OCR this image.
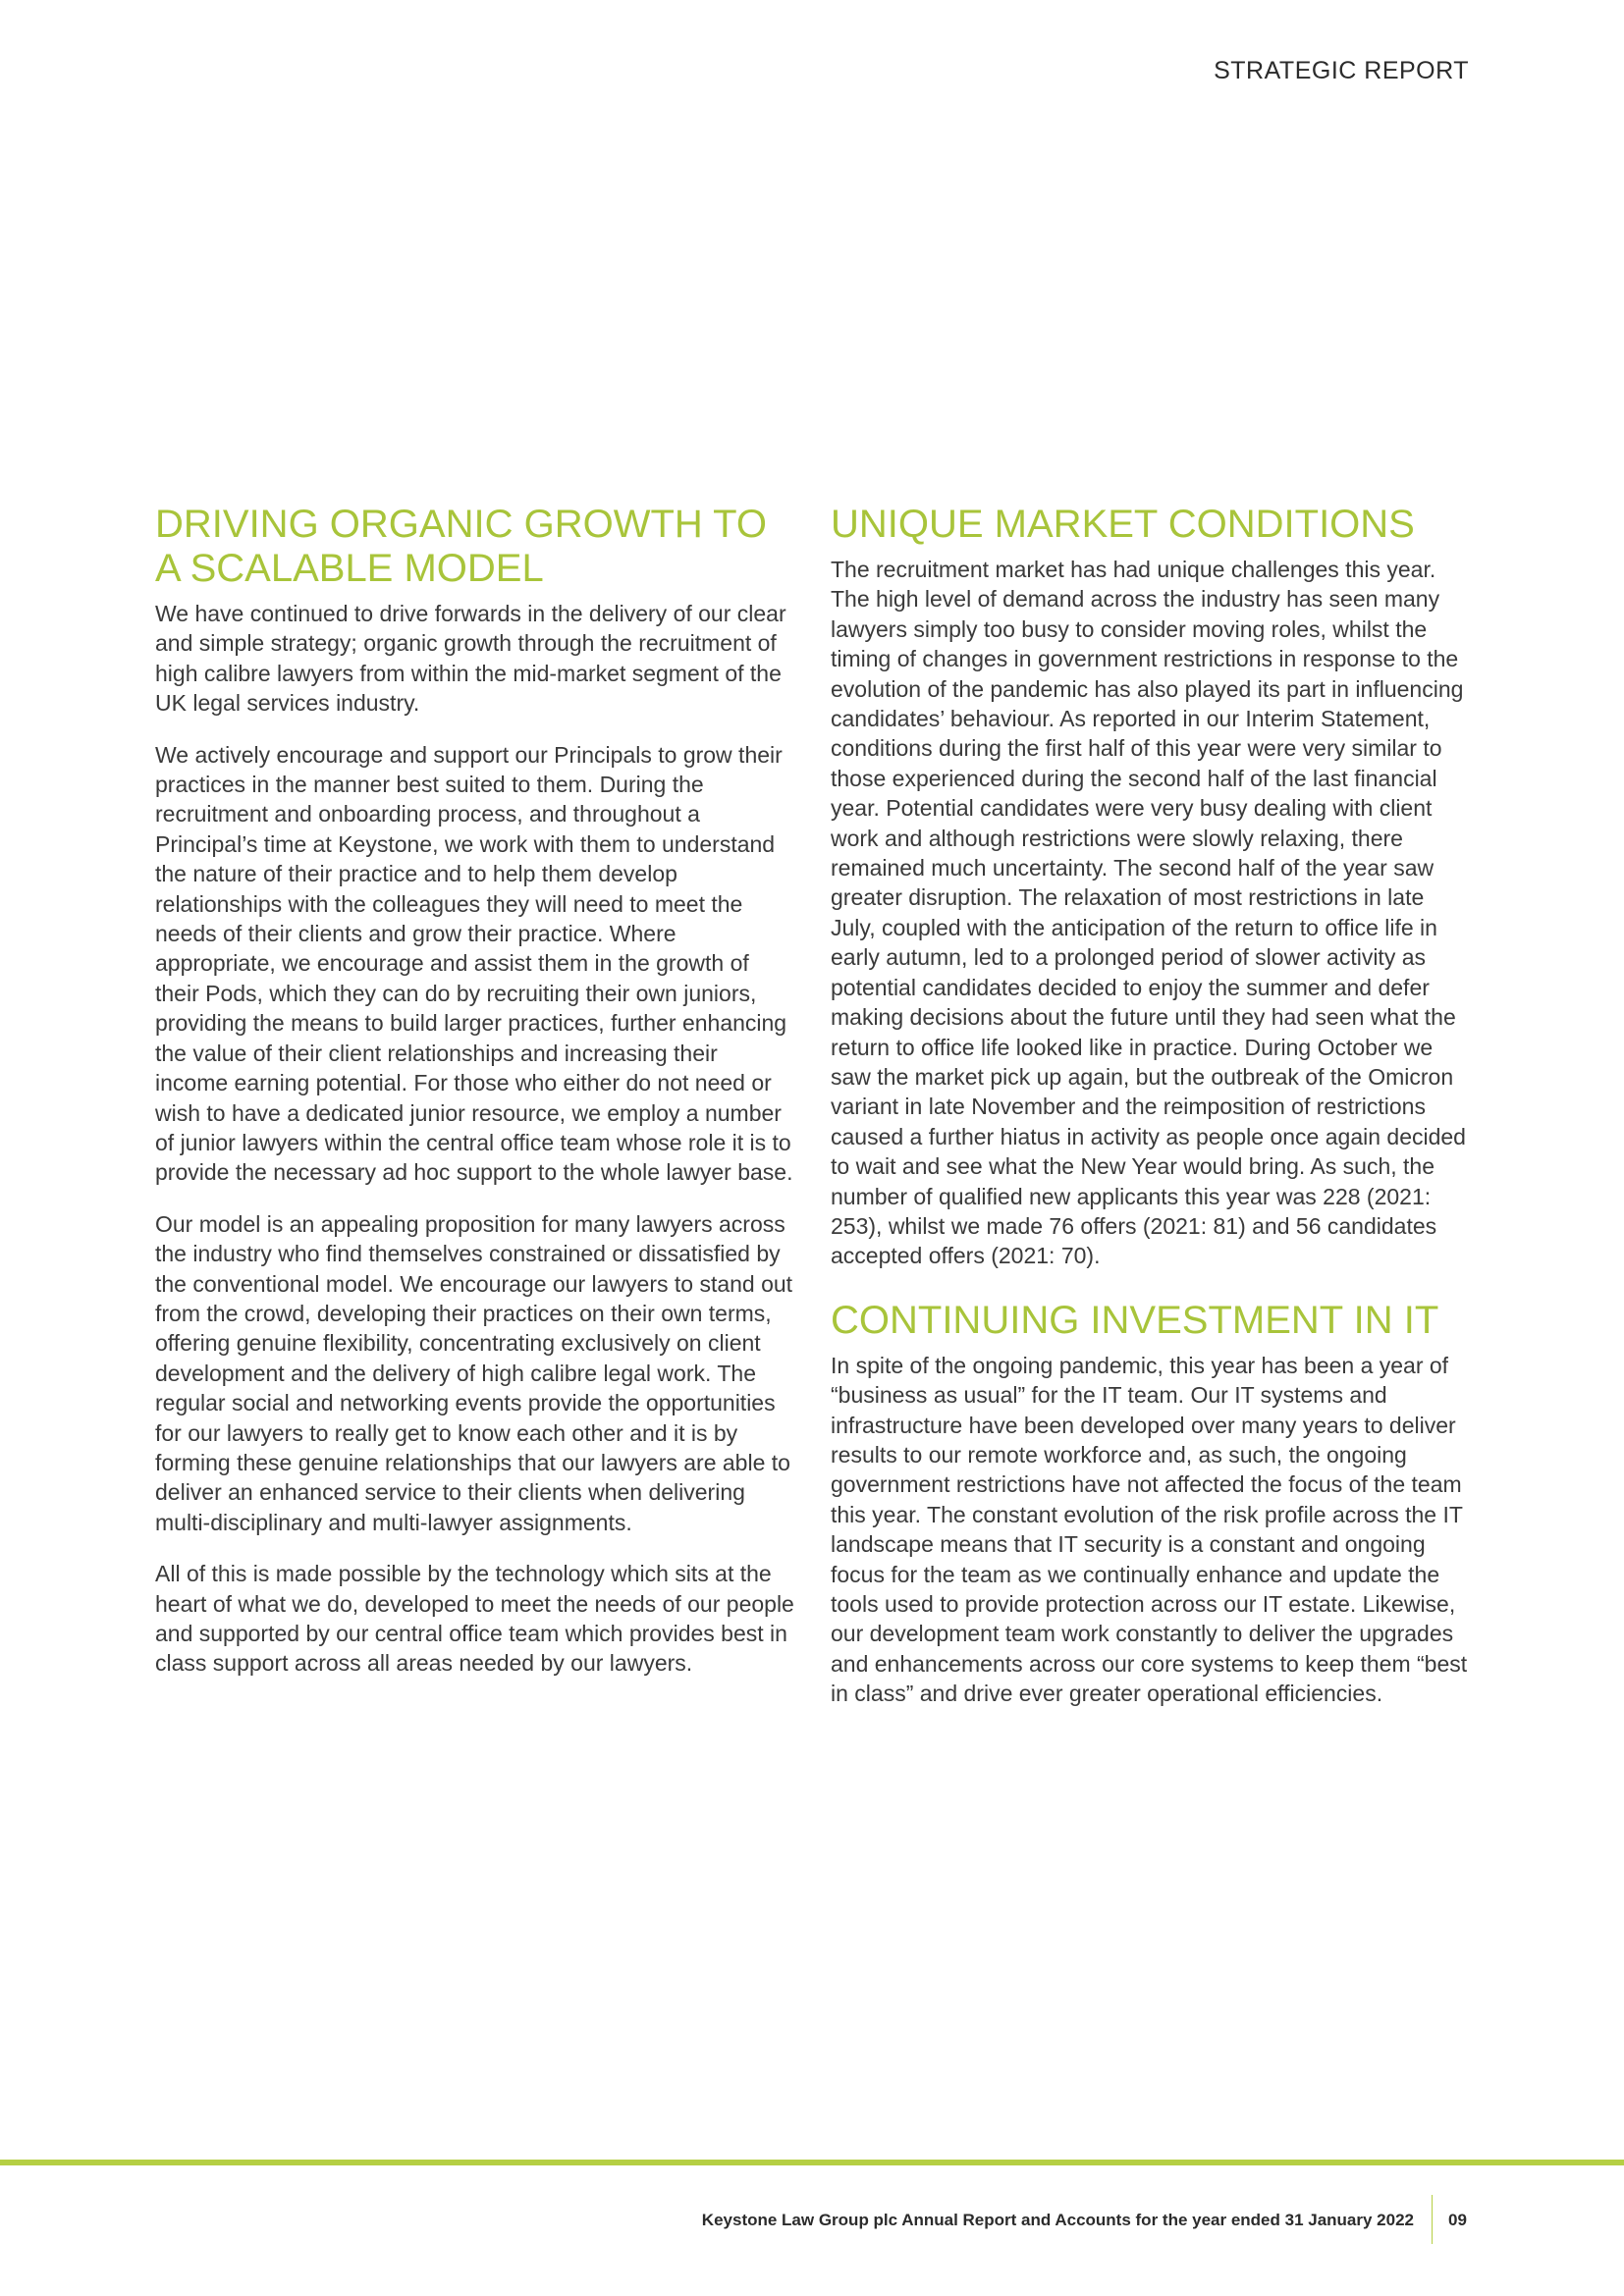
STRATEGIC REPORT
DRIVING ORGANIC GROWTH TO A SCALABLE MODEL

We have continued to drive forwards in the delivery of our clear and simple strategy; organic growth through the recruitment of high calibre lawyers from within the mid-market segment of the UK legal services industry.

We actively encourage and support our Principals to grow their practices in the manner best suited to them. During the recruitment and onboarding process, and throughout a Principal’s time at Keystone, we work with them to understand the nature of their practice and to help them develop relationships with the colleagues they will need to meet the needs of their clients and grow their practice. Where appropriate, we encourage and assist them in the growth of their Pods, which they can do by recruiting their own juniors, providing the means to build larger practices, further enhancing the value of their client relationships and increasing their income earning potential. For those who either do not need or wish to have a dedicated junior resource, we employ a number of junior lawyers within the central office team whose role it is to provide the necessary ad hoc support to the whole lawyer base.

Our model is an appealing proposition for many lawyers across the industry who find themselves constrained or dissatisfied by the conventional model. We encourage our lawyers to stand out from the crowd, developing their practices on their own terms, offering genuine flexibility, concentrating exclusively on client development and the delivery of high calibre legal work. The regular social and networking events provide the opportunities for our lawyers to really get to know each other and it is by forming these genuine relationships that our lawyers are able to deliver an enhanced service to their clients when delivering multi-disciplinary and multi-lawyer assignments.

All of this is made possible by the technology which sits at the heart of what we do, developed to meet the needs of our people and supported by our central office team which provides best in class support across all areas needed by our lawyers.

UNIQUE MARKET CONDITIONS

The recruitment market has had unique challenges this year. The high level of demand across the industry has seen many lawyers simply too busy to consider moving roles, whilst the timing of changes in government restrictions in response to the evolution of the pandemic has also played its part in influencing candidates’ behaviour. As reported in our Interim Statement, conditions during the first half of this year were very similar to those experienced during the second half of the last financial year. Potential candidates were very busy dealing with client work and although restrictions were slowly relaxing, there remained much uncertainty. The second half of the year saw greater disruption. The relaxation of most restrictions in late July, coupled with the anticipation of the return to office life in early autumn, led to a prolonged period of slower activity as potential candidates decided to enjoy the summer and defer making decisions about the future until they had seen what the return to office life looked like in practice. During October we saw the market pick up again, but the outbreak of the Omicron variant in late November and the reimposition of restrictions caused a further hiatus in activity as people once again decided to wait and see what the New Year would bring. As such, the number of qualified new applicants this year was 228 (2021: 253), whilst we made 76 offers (2021: 81) and 56 candidates accepted offers (2021: 70).

CONTINUING INVESTMENT IN IT

In spite of the ongoing pandemic, this year has been a year of “business as usual” for the IT team. Our IT systems and infrastructure have been developed over many years to deliver results to our remote workforce and, as such, the ongoing government restrictions have not affected the focus of the team this year. The constant evolution of the risk profile across the IT landscape means that IT security is a constant and ongoing focus for the team as we continually enhance and update the tools used to provide protection across our IT estate. Likewise, our development team work constantly to deliver the upgrades and enhancements across our core systems to keep them “best in class” and drive ever greater operational efficiencies.

Keystone Law Group plc Annual Report and Accounts for the year ended 31 January 2022 09
